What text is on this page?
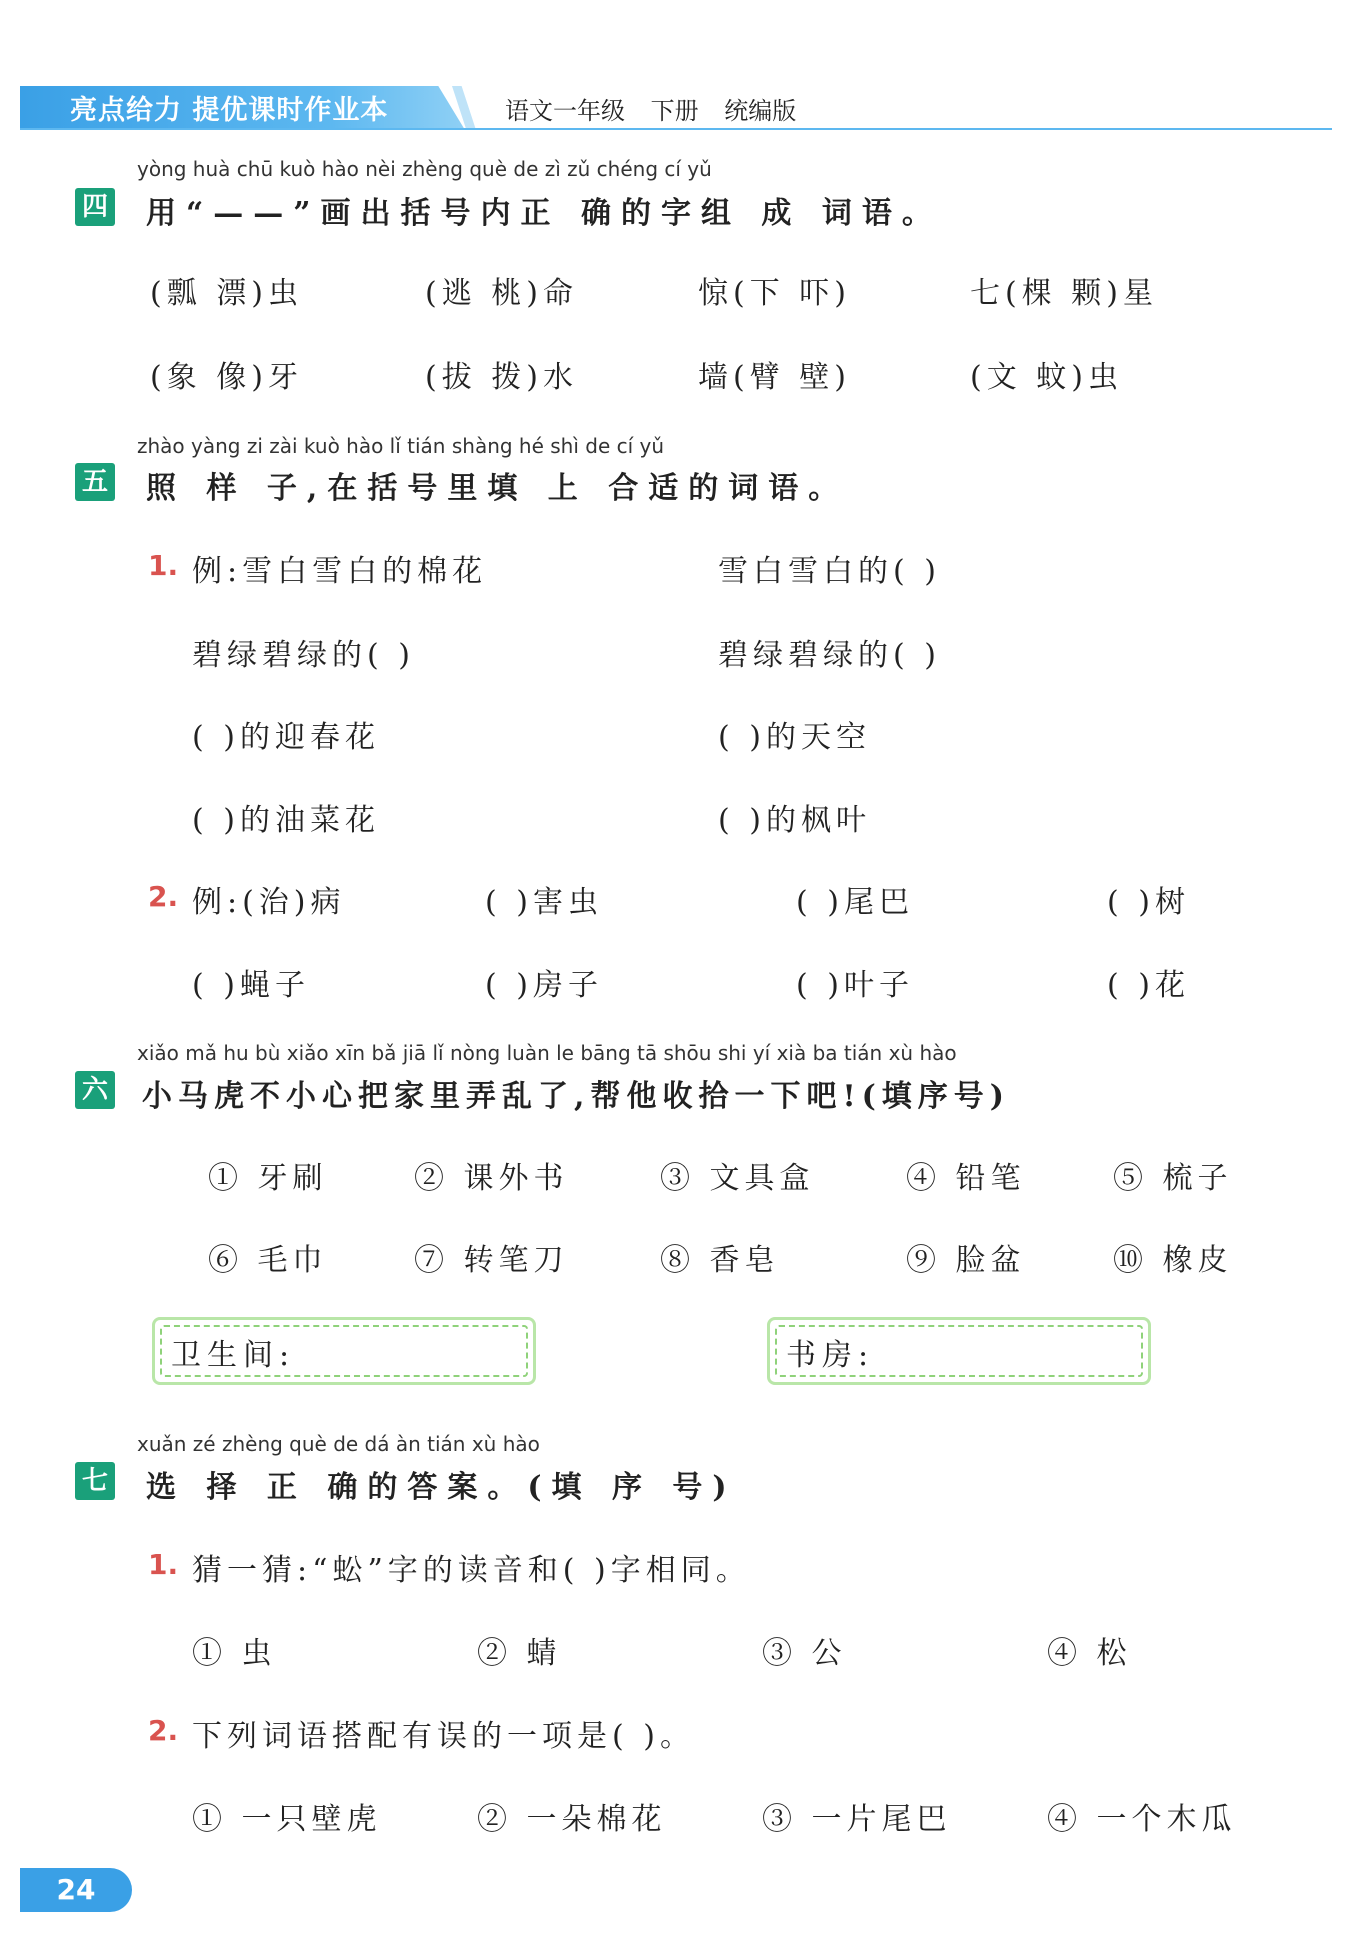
亮点给力 提优课时作业本	语文一年级 下册 统编版
yòng huà chū kuò hào nèi zhèng què de zì zǔ chéng cí yǔ
四 用“——”画出括号内正 确的字组 成 词语。
(瓢 漂)虫	(逃 桃)命	惊(下 吓)	七(棵 颗)星
(象 像)牙	(拔 拨)水	墙(臂 壁)	(文 蚊)虫
zhào yàng zi zài kuò hào lǐ tián shàng hé shì de cí yǔ
五 照 样 子,在括号里填 上 合适的词语。
1. 例:雪白雪白的棉花	雪白雪白的( )
碧绿碧绿的( )	碧绿碧绿的( )
( )的迎春花	( )的天空
( )的油菜花	( )的枫叶
2. 例:(治)病	( )害虫	( )尾巴	( )树
( )蝇子	( )房子	( )叶子	( )花
xiǎo mǎ hu bù xiǎo xīn bǎ jiā lǐ nòng luàn le bāng tā shōu shi yí xià ba tián xù hào
六 小马虎不小心把家里弄乱了,帮他收拾一下吧!(填序号)
① 牙刷	② 课外书	③ 文具盒	④ 铅笔	⑤ 梳子
⑥ 毛巾	⑦ 转笔刀	⑧ 香皂	⑨ 脸盆	⑩ 橡皮
卫生间:	书房:
xuǎn zé zhèng què de dá àn tián xù hào
七 选 择 正 确的答案。(填 序 号)
1. 猜一猜:“蚣”字的读音和( )字相同。
① 虫	② 蜻	③ 公	④ 松
2. 下列词语搭配有误的一项是( )。
① 一只壁虎	② 一朵棉花	③ 一片尾巴	④ 一个木瓜
24
